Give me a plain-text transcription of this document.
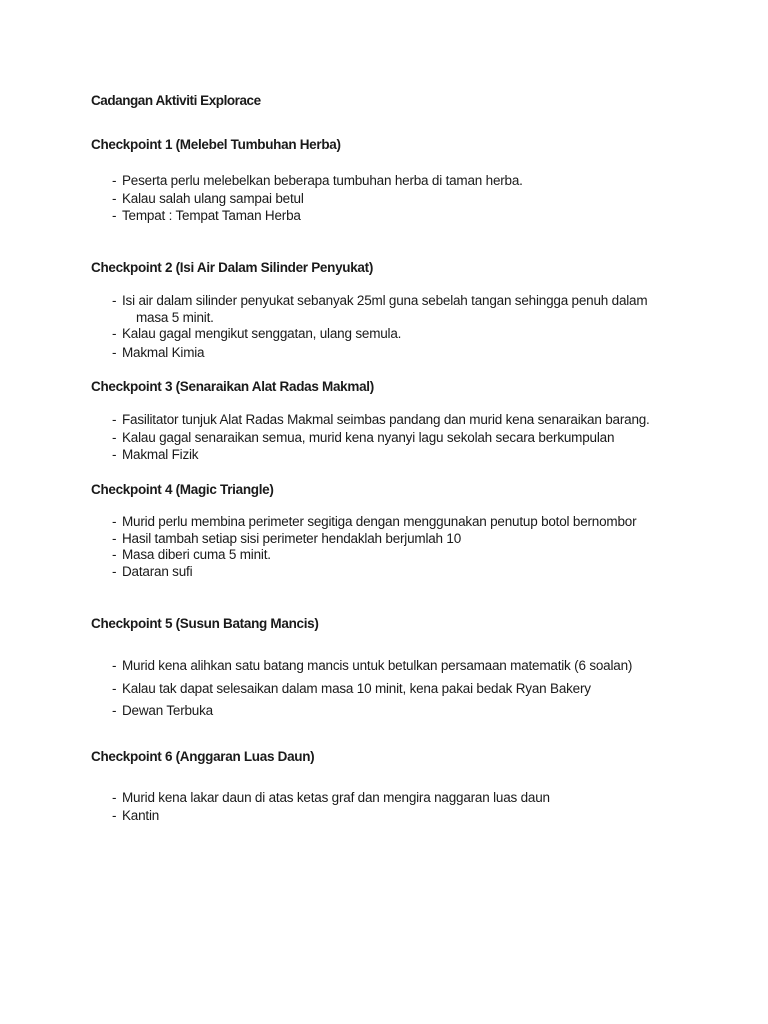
Cadangan Aktiviti Explorace
Checkpoint 1 (Melebel Tumbuhan Herba)
- Peserta perlu melebelkan beberapa tumbuhan herba di taman herba.
- Kalau salah ulang sampai betul
- Tempat : Tempat Taman Herba
Checkpoint 2 (Isi Air Dalam Silinder Penyukat)
- Isi air dalam silinder penyukat sebanyak 25ml guna sebelah tangan sehingga penuh dalam
masa 5 minit.
- Kalau gagal mengikut senggatan, ulang semula.
- Makmal Kimia
Checkpoint 3 (Senaraikan Alat Radas Makmal)
- Fasilitator tunjuk Alat Radas Makmal seimbas pandang dan murid kena senaraikan barang.
- Kalau gagal senaraikan semua, murid kena nyanyi lagu sekolah secara berkumpulan
- Makmal Fizik
Checkpoint 4 (Magic Triangle)
- Murid perlu membina perimeter segitiga dengan menggunakan penutup botol bernombor
- Hasil tambah setiap sisi perimeter hendaklah berjumlah 10
- Masa diberi cuma 5 minit.
- Dataran sufi
Checkpoint 5 (Susun Batang Mancis)
- Murid kena alihkan satu batang mancis untuk betulkan persamaan matematik (6 soalan)
- Kalau tak dapat selesaikan dalam masa 10 minit, kena pakai bedak Ryan Bakery
- Dewan Terbuka
Checkpoint 6 (Anggaran Luas Daun)
- Murid kena lakar daun di atas ketas graf dan mengira naggaran luas daun
- Kantin
